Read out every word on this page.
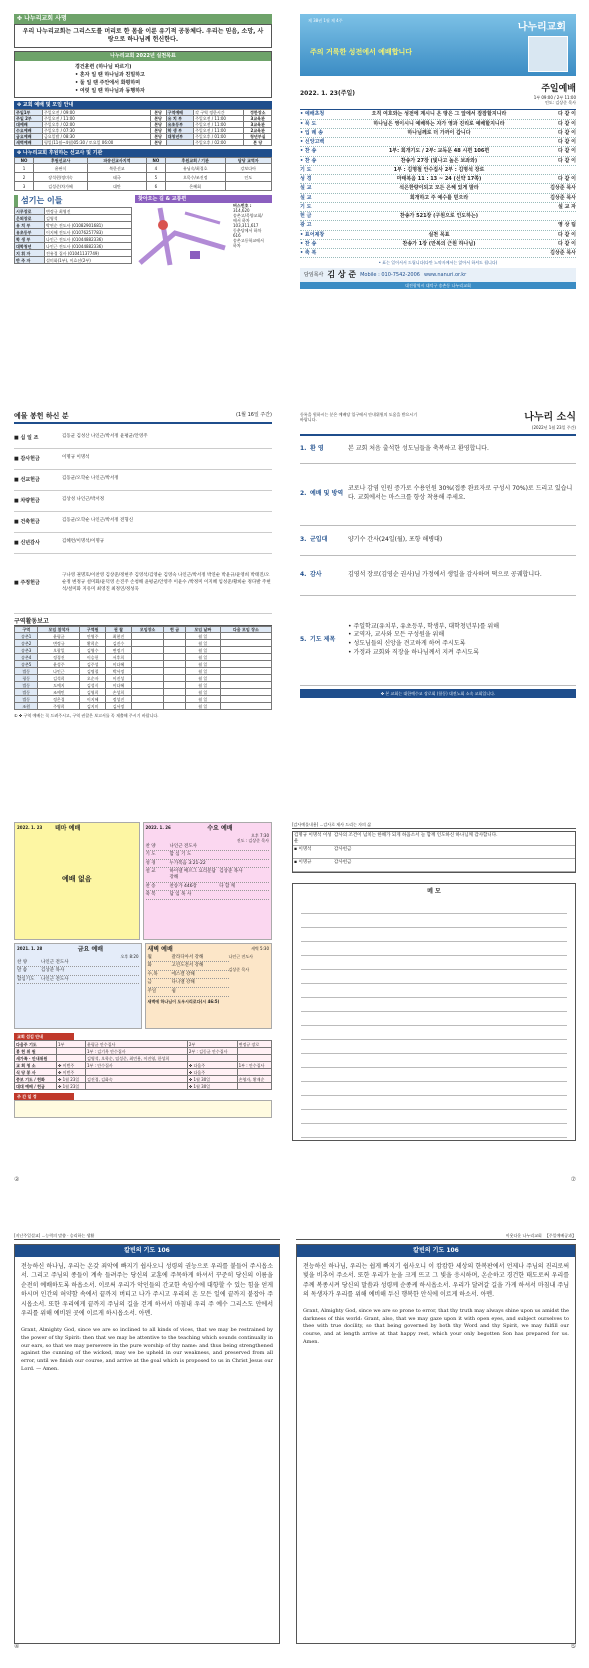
✤ 나누리교회 사명
우리 나누리교회는 그리스도를 머리로 한 몸을 이룬 유기적 공동체다. 우리는 믿음, 소망, 사랑으로 하나님께 헌신한다.
나누리교회 2022년 실천목표
경건훈련 (하나님 따르기)
• 혼자 일 땐 하나님과 친밀하고
• 둘 일 땐 주안에서 화평하며
• 여럿 일 땐 하나님과 동행하자
✤ 교회 예배 및 모임 안내
주일1부	주일오전 / 09:00	본당	구역예배	각 구역 정한시간	정한장소
주일 2부	주일오전 / 11:00	본당	유 치 부	주일오전 / 11:00	3교육관
대예배	주일오후 / 02:00	본당	유초등부	주일오전 / 11:00	3교육관
수요예배	주일오후 / 07:30	본당	학 생 부	주일오전 / 11:00	2교육관
금요예배	금요일밤 / 08:30	본당	대청년부	주일오후 / 01:00	청년부실
새벽예배	평일(11월~4월)05:30 / 토요일 06:00	본당		주일오후 / 02:00	본 당
✤ 나누리교회 후원하는 선교사 및 기관
NO	후원선교사	파송선교사지역	NO	후원교회 / 기관	담당 교역자
1	윤판식	북한선교	4	유닝숙/최경호	강보다아
2	장석현/정미숙	태국	5	오목수/조진정	인도
3	김성준/차가혜	대만	6	은혜회	
섬기는 이들
시무장로	변정규 최영진
은퇴장로	김영석
유 치 부	박연순 전도사 (01082901681)
유초등부	이지혜 전도사 (01076257783)
학 생 부	나인근 전도사 (01044882336)
대학청년	나인근 전도사 (01044882336)
지 휘 자	전유경 집사 (01041137749)
반 주 자	설미화(1부), 이효선(2부)
찾아오는 길 & 교통편
버스번호 :
314,620
송촌고/목양교회/
에서 하차
103,311,617
동춘당에서 하차
616
송촌고등학교에서
하차
제 38권 1월 제 4주
나누리교회
주의 거룩한 성전에서 예배합니다
2022. 1. 23(주일)	주일예배
1부 09:00 / 2부 11:00
인도: 김상준 목사
• 예배초청	오직 여호와는 성전에 계시니 온 땅은 그 앞에서 잠잠할지니라	다 같 이
• 묵 도	하나님은 영이시니 예배하는 자가 영과 진리로 예배할지니라	다 같 이
• 입 례 송	하나님께로 더 가까이 갑니다	다 같 이
• 신앙고백	다 같 이
• 찬 송	1부: 회개기도 / 2부: 교독문 48 시편 106편	다 같 이
• 찬 송	찬송가 27장 (빛나고 높은 보좌와)	다 같 이
기 도	1부 : 김명철 안수집사 2부 : 김명석 장로
성 경	마태복음 11 : 13 ~ 24 (신약 17쪽)	다 같 이
설 교	석은한량이되고 모든 은혜 있게 말라	김상준 목사
설 교	회개하고 주 예수를 믿으라	김상준 목사
기 도	설 교 자
헌 금	찬송가 521장 (구원으로 인도하는)
광 고	영 상 팀
• 표어제창	실천 목표	다 같 이
• 찬 송	찬송가 1장 (만복의 근원 하나님)	다 같 이
• 축 복	김상준 목사
• 표는 일어서서 드립니다(다만 노약자께서는 앉아서 하셔도 됩니다)
담임목사 김 상 준 Mobile : 010-7542-2006 www.nanuri.or.kr
대전광역시 대덕구 송촌동 나누리교회
예물 봉헌 하신 분	(1월 16일 주간)
■ 십 일 조	김동균 김성산 나인근/박서정 윤평균/안영주
■ 감사헌금	이명규 이명석
■ 선교헌금	김동균/오학순 나인근/박서정
■ 차량헌금	김상성 나인근/박서정
■ 건축헌금	김동균/오학순 나인근/박서정 전형신
■ 신년감사	김혜련/이명석/이명규
■ 주정헌금
구나영 권명호/이찬영 김상준/정현주 김영석/김영순 김영숙 나인근/박서정 박연순 박윤규/윤영희 박태진/오순정 변정규 설미화/윤덕영 손진주 손청해 윤평균/안영주 이윤수 /박정미 이지혜 임성준/황희순 정다발 주현석/설미화 지유미 최영진 최정연/정성욱
구역활동보고
구역	모임 참석자	구역원	권 찰	모임장소	헌 금	모임 날짜	다음 모임 장소
송촌1	윤평균	안영주	최현진			월 일	
송촌2	변정규	황희순	김진수			월 일	
송촌3	오광일	김영수	변정기			월 일	
송촌4	정경진	이승헌	서후희			월 일	
송촌5	윤성주	김주성	이다혜			월 일	
법동	나인근	김명철	박서정			월 일	
평동	김석희	오순자	이진성			월 일	
법동	도예지	김성식	이다혜			월 일	
법동	조예민	김영희	손성희			월 일	
법동	정은경	이지혜	정성진			월 일	
조원	주영희	김지미	김서정			월 일	
① ✤ 구역 예배는 꼭 드려주시고, 구역 권찰은 보고서를 꼭 제출해 주시기 바랍니다.
등록을 원하시는 분은 예배당 입구에서 안내위원의 도움을 받으시기 바랍니다.	나누리 소식
(2022년 1월 23일 주간)
1. 환 영	본 교회 처음 출석한 성도님들을 축복하고 환영합니다.
2. 예배 및 방역
코로나 감염 인원 증가로 수용인원 30%(접종 완료자로 구성시 70%)로 드리고 있습니다. 교회에서는 마스크를 항상 착용해 주세요.
3. 군입대	양기수 간사(24일(월), 포항 해병대)
4. 감사	김영석 장로(김영순 권사)님 가정에서 생일을 감사하며 떡으로 공궤합니다.
5. 기도 제목
• 주일학교(유치부, 유초등부, 학생부, 대학청년부)를 위해
• 교역자, 교사와 모든 구성원을 위해
• 성도님들의 신앙을 견고하게 하여 주시도록
• 가정과 교회와 직장을 하나님께서 지켜 주시도록
✤ 본 교회는 대한예수교 장로회 (합동) 대전노회 소속 교회입니다.
2022. 1. 23	테마 예배
예배 없음
2022. 1. 26	수요 예배
오후 7:30
진도 : 김상준 목사
찬 양	나인근 전도사
기 도	합 심 기 도
성 경	누가복음 3:21-22
설 교	하이델 베르그 요리문답 강해
김상준 목사
찬 송	찬송가 446장	다 함 께
축 복	담 임 목 사
2021. 1. 28	금요 예배
오후 8:20
찬 양	나인근 전도사
말 씀	김상준 목사
합심기도	나인근 전도사
새벽 예배	새벽 5:30
월	갈라디아서 강해
화	고린도전서 강해
수,목	에스겔 강해
금	다니엘 강해
주일	쉼
나인근 전도사
김상준 목사
새벽에 하나님이 도우시리로다(시 46:5)
교회 섬김 안내
다음주 기도	1부	윤평균 안수집사	2부	변정규 장로
봉 헌 위 원		1부 : 김기옥 안수집사	2부 : 김동균 안수집사	
새가족 · 안내위원		김영석, 오학순, 임성준, 최민용, 이진영, 한성희		
교 회 청 소	✤ 이번주	1부 : 안수집사	✤ 다음주	1부 : 안수집사
식 당 봉 사	✤ 이번주		✤ 다음주	
중보 기도 / 헌화	✤ 1월 23일	김진경, 김화숙	✤ 1월 30일	손영자, 황재순
대대 예배 / 헌금	✤ 1월 23일		✤ 1월 30일	
주 간 일 정
②
[감사예물내용] ...감사로 제사 드리는 자의 삶
김명규 이명석 이성운
감사의 조건이 넘치는 한해가 되게 하옵소서 늘 함께 인도하신 하나님께 감사합니다.
▪ 이명석	감사헌금
▪ 이명규	감사헌금
메 모
⑦
[지난주일설교] ...능력의 말씀 · 승리하는 생활
칼빈의 기도 106
전능하신 하나님, 우리는 온갖 죄악에 빠지기 쉽사오니 성령의 권능으로 우리를 붙들어 주시옵소서. 그리고 주님의 종들이 계속 들려주는 당신의 교훈에 주목하게 하셔서 꾸준히 당신의 이름을 순전히 예배하도록 하옵소서. 이로써 우리가 악인들의 간교한 속임수에 대항할 수 있는 힘을 얻게 하시며 인간의 허약함 속에서 끝까지 버티고 나가 주시고 우리의 온 모든 일에 끝까지 붙잡아 주시옵소서. 또한 우리에게 끝까지 주님의 길을 걷게 하셔서 마침내 우리 주 예수 그리스도 안에서 우리를 위해 예비된 곳에 이르게 하시옵소서. 아멘.
Grant, Almighty God, since we are so inclined to all kinds of vices, that we may be restrained by the power of thy Spirit: then that we may be attentive to the teaching which sounds continually in our ears, so that we may persevere in the pure worship of thy name: and thus being strengthened against the cunning of the wicked, may we be upheld in our weakness, and preserved from all error, until we finish our course, and arrive at the goal which is proposed to us in Christ Jesus our Lord. — Amen.
④
이웃다운 나누리교회 【주일예배공과】
칼빈의 기도 106
전능하신 하나님, 우리는 쉽게 빠지기 쉽사오니 이 캄캄한 세상의 한복판에서 언제나 주님의 진리로써 빛을 비추어 주소서. 또한 우리가 눈을 크게 뜨고 그 빛을 응시하며, 온순하고 경건한 태도로써 우리를 주께 복종시켜 당신의 말씀과 성령께 순종케 하시옵소서. 우리가 달려갈 길을 가게 하셔서 마침내 주님의 독생자가 우리를 위해 예비해 두신 행복한 안식에 이르게 하소서. 아멘.
Grant, Almighty God, since we are so prone to error, that thy truth may always shine upon us amidst the darkness of this world: Grant, also, that we may gaze upon it with open eyes, and subject ourselves to thee with true docility, so that being governed by both thy Word and thy Spirit, we may fulfill our course, and at length arrive at that happy rest, which your only begotten Son has prepared for us. Amen.
⑤
